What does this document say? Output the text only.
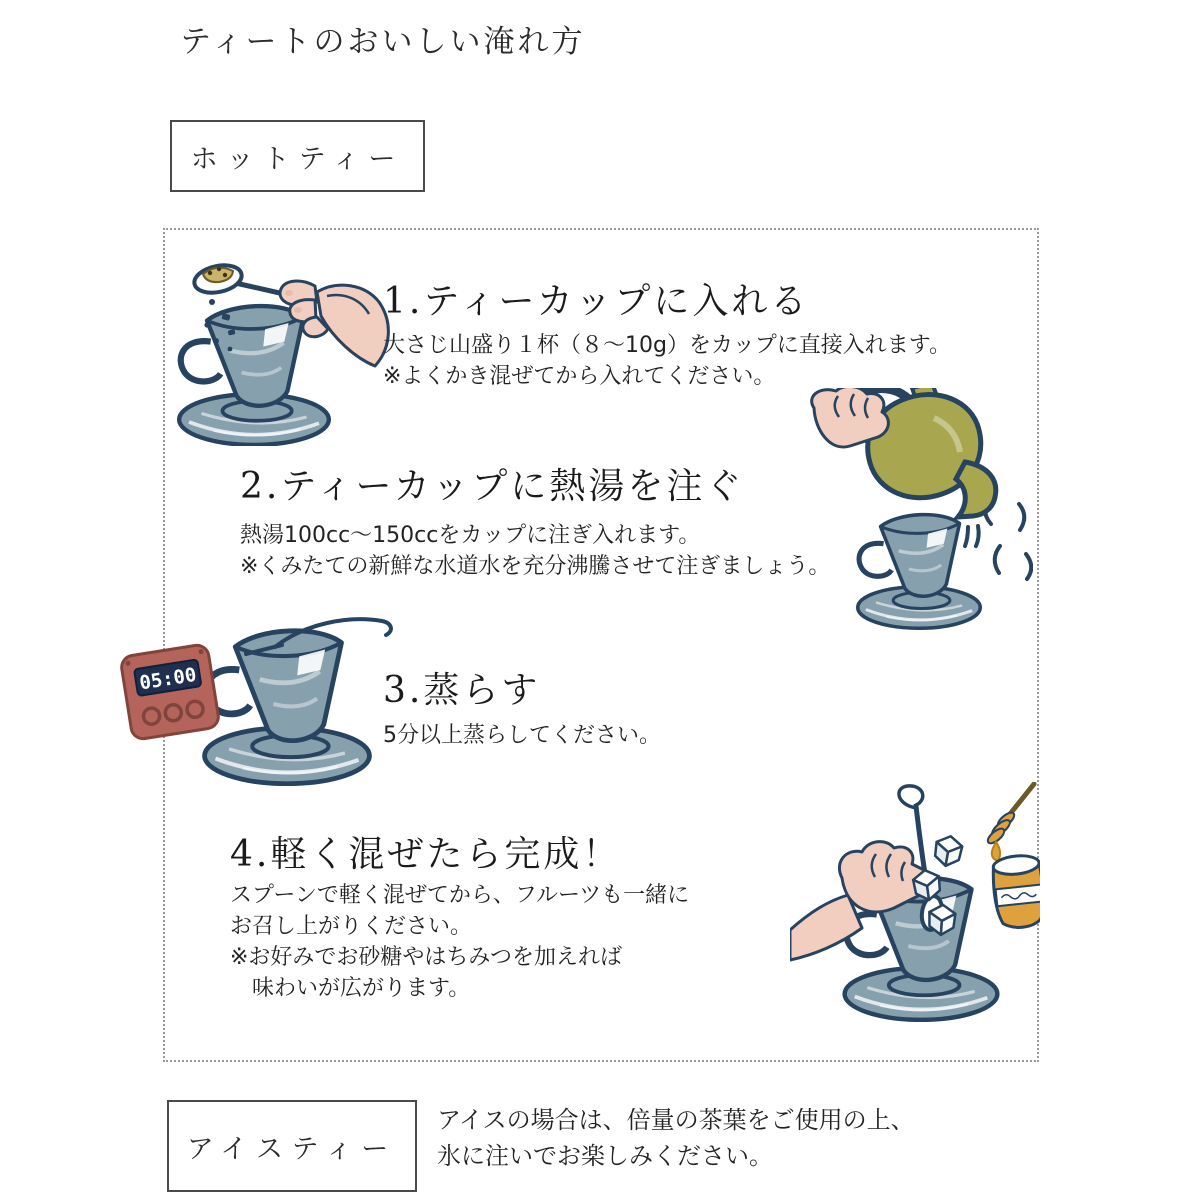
ティートのおいしい淹れ方
ホットティー
1.ティーカップに入れる
大さじ山盛り１杯（８～10g）をカップに直接入れます。
※よくかき混ぜてから入れてください。
2.ティーカップに熱湯を注ぐ
熱湯100cc～150ccをカップに注ぎ入れます。
※くみたての新鮮な水道水を充分沸騰させて注ぎましょう。
05:00	3.蒸らす
5分以上蒸らしてください。
4.軽く混ぜたら完成！
スプーンで軽く混ぜてから、フルーツも一緒に
お召し上がりください。
※お好みでお砂糖やはちみつを加えれば
　味わいが広がります。
アイスティー
アイスの場合は、倍量の茶葉をご使用の上、
氷に注いでお楽しみください。
